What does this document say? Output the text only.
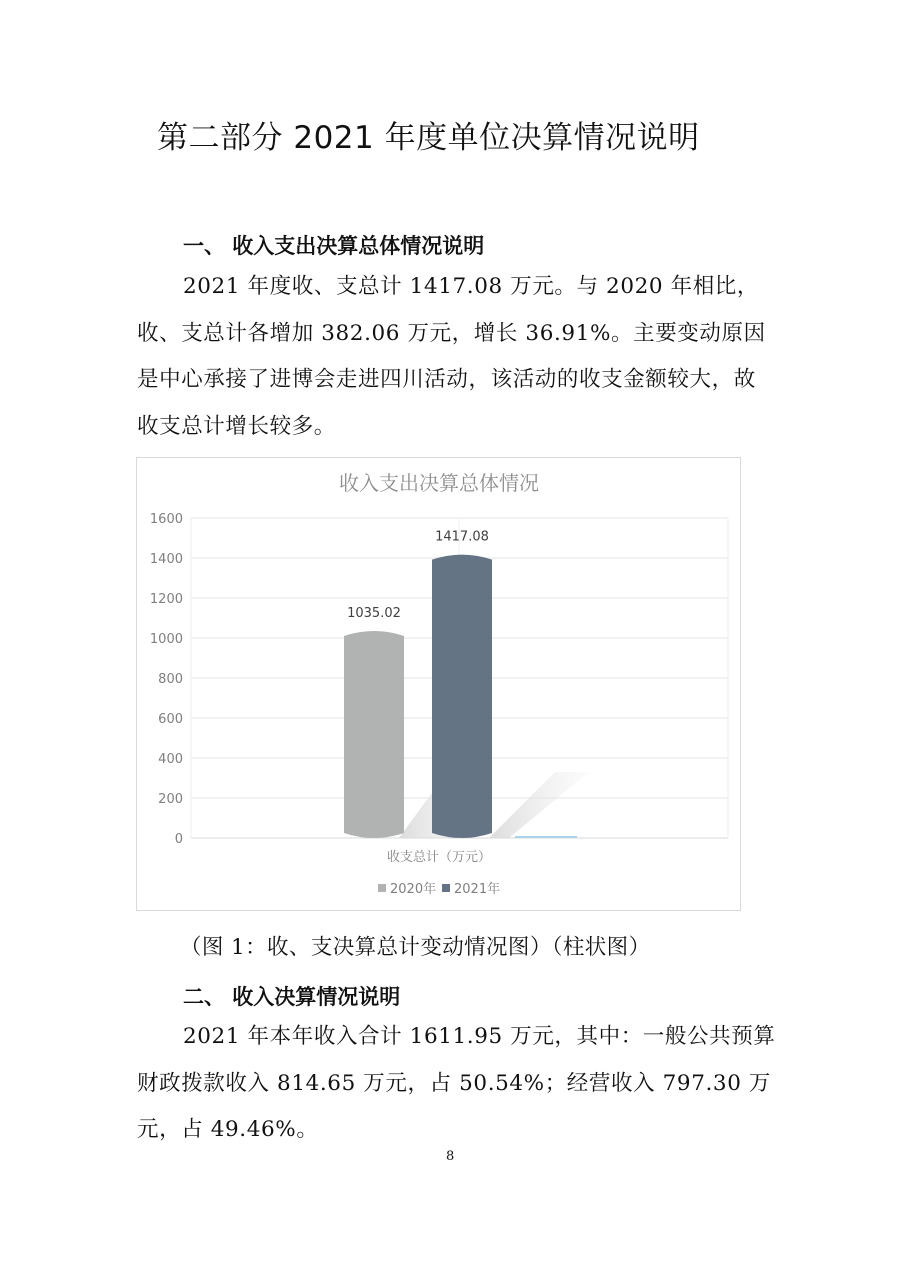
第二部分 2021 年度单位决算情况说明
一、 收入支出决算总体情况说明

2021 年度收、支总计 1417.08 万元。与 2020 年相比，收、支总计各增加 382.06 万元，增长 36.91%。主要变动原因是中心承接了进博会走进四川活动，该活动的收支金额较大，故收支总计增长较多。

收入支出决算总体情况
0
200
400
600
800
1000
1200
1400
1600
1035.02
1417.08
收支总计（万元）
2020年 2021年
（图 1：收、支决算总计变动情况图）（柱状图）
二、 收入决算情况说明

2021 年本年收入合计 1611.95 万元，其中：一般公共预算财政拨款收入 814.65 万元，占 50.54%；经营收入 797.30 万元，占 49.46%。

8
